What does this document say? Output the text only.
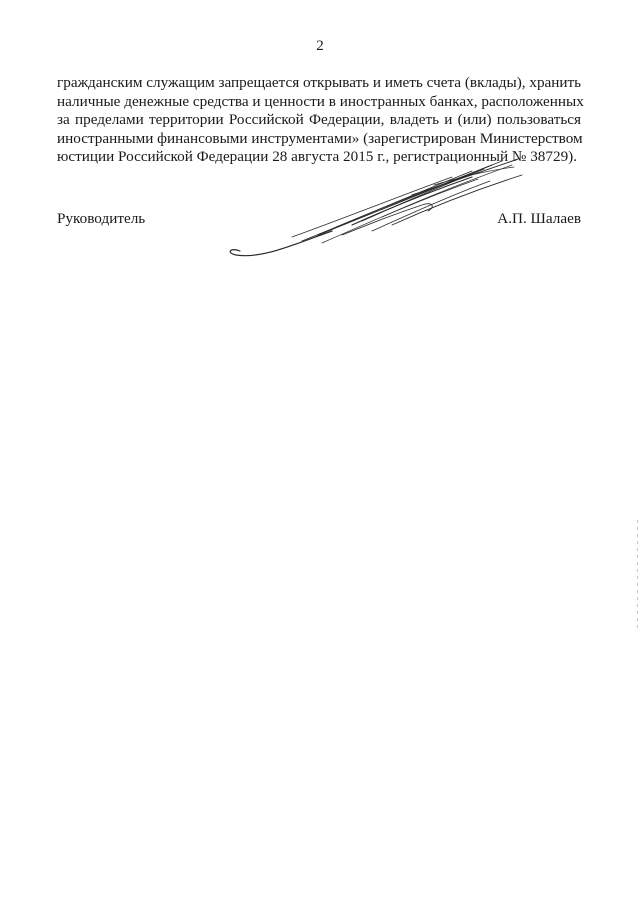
2

гражданским служащим запрещается открывать и иметь счета (вклады), хранить
наличные денежные средства и ценности в иностранных банках, расположенных
за пределами территории Российской Федерации, владеть и (или) пользоваться
иностранными финансовыми инструментами» (зарегистрирован Министерством
юстиции Российской Федерации 28 августа 2015 г., регистрационный № 38729).

Руководитель	А.П. Шалаев
